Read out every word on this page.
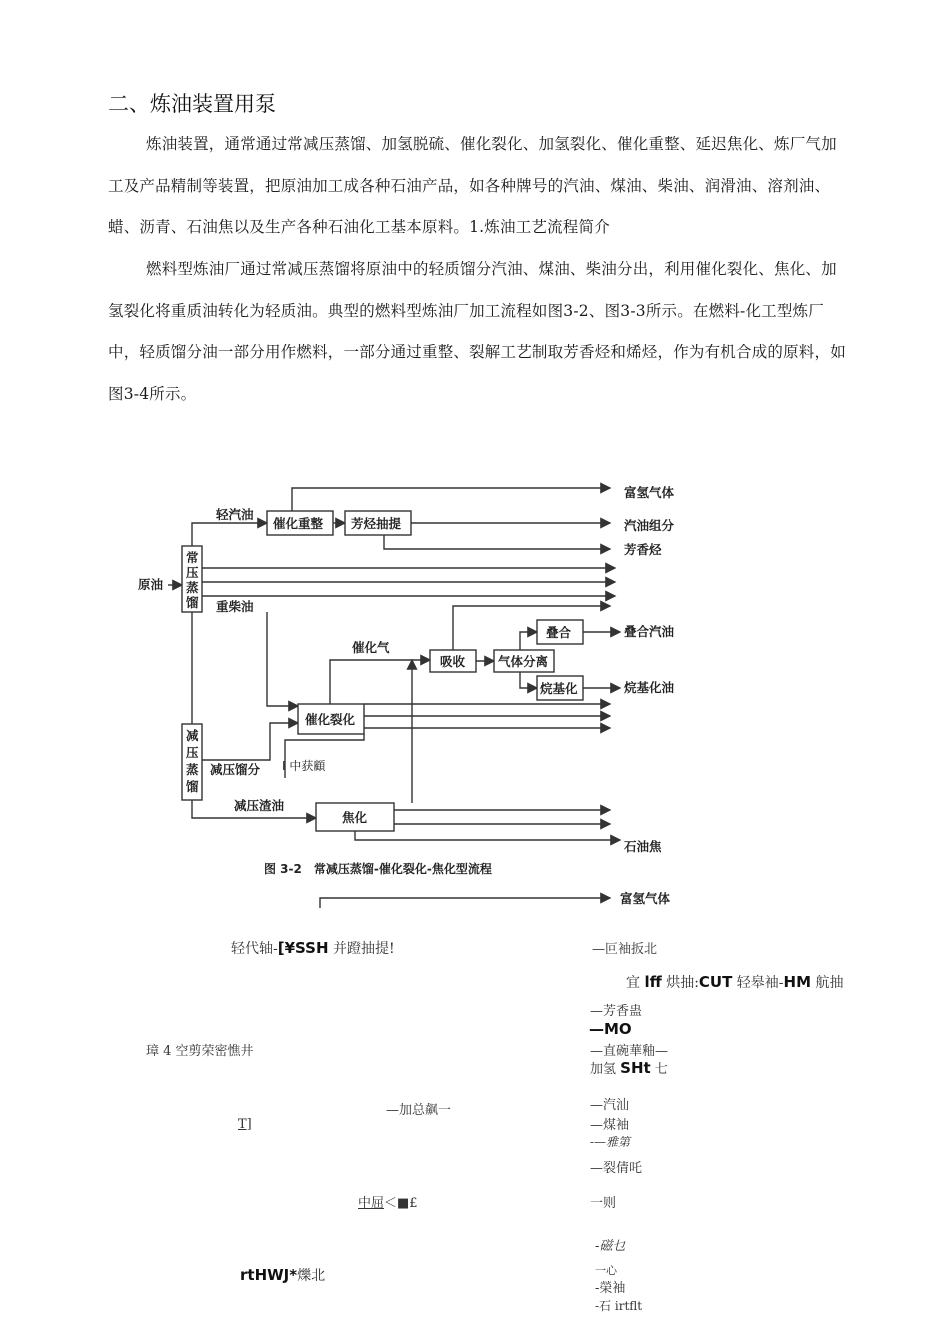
二、炼油装置用泵
炼油装置，通常通过常减压蒸馏、加氢脱硫、催化裂化、加氢裂化、催化重整、延迟焦化、炼厂气加工及产品精制等装置，把原油加工成各种石油产品，如各种牌号的汽油、煤油、柴油、润滑油、溶剂油、蜡、沥青、石油焦以及生产各种石油化工基本原料。1.炼油工艺流程简介
燃料型炼油厂通过常减压蒸馏将原油中的轻质馏分汽油、煤油、柴油分出，利用催化裂化、焦化、加氢裂化将重质油转化为轻质油。典型的燃料型炼油厂加工流程如图3-2、图3-3所示。在燃料-化工型炼厂中，轻质馏分油一部分用作燃料，一部分通过重整、裂解工艺制取芳香烃和烯烃，作为有机合成的原料，如图3-4所示。
原油
常
压
蒸
馏
轻汽油
催化重整 芳烃抽提
富氢气体
汽油组分
芳香烃
重柴油
减
压
蒸
馏
减压馏分
催化裂化
I 中获顧
催化气
吸收	气体分离
叠合	叠合汽油
烷基化	烷基化油
减压渣油
焦化
石油焦
图 3-2　常减压蒸馏-催化裂化-焦化型流程
富氢气体
轻代轴-[¥SSH 并蹬抽提!	—叵袖扳北
宜 lff 烘抽:CUT 轻皋袖-HM 航抽
—芳香蛊
—MO
璋 4 空剪荣密憔井	—直碗華釉—
加氢 SHt 七
—加总飙一	—汽汕
T]	—煤袖
-—雅第
—裂倩吒
中屈＜■£	一则
-磁乜
rtHWJ*爍北	一心
-榮袖
-石 irtflt
